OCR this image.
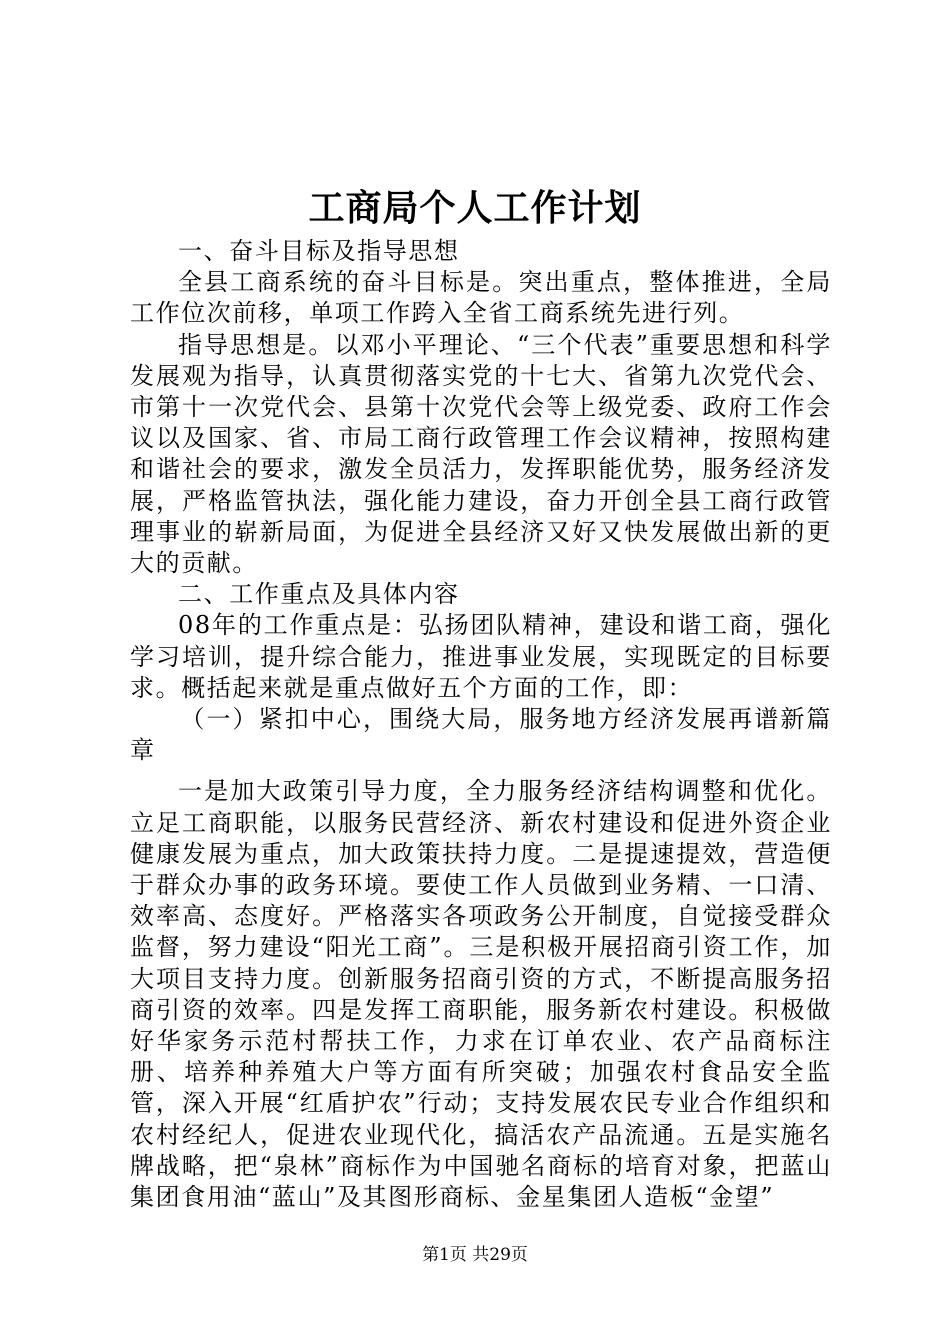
工商局个人工作计划

一、奋斗目标及指导思想

全县工商系统的奋斗目标是。突出重点，整体推进，全局工作位次前移，单项工作跨入全省工商系统先进行列。

指导思想是。以邓小平理论、“三个代表”重要思想和科学发展观为指导，认真贯彻落实党的十七大、省第九次党代会、市第十一次党代会、县第十次党代会等上级党委、政府工作会议以及国家、省、市局工商行政管理工作会议精神，按照构建和谐社会的要求，激发全员活力，发挥职能优势，服务经济发展，严格监管执法，强化能力建设，奋力开创全县工商行政管理事业的崭新局面，为促进全县经济又好又快发展做出新的更大的贡献。

二、工作重点及具体内容

08年的工作重点是：弘扬团队精神，建设和谐工商，强化学习培训，提升综合能力，推进事业发展，实现既定的目标要求。概括起来就是重点做好五个方面的工作，即：

（一）紧扣中心，围绕大局，服务地方经济发展再谱新篇章

一是加大政策引导力度，全力服务经济结构调整和优化。立足工商职能，以服务民营经济、新农村建设和促进外资企业健康发展为重点，加大政策扶持力度。二是提速提效，营造便于群众办事的政务环境。要使工作人员做到业务精、一口清、效率高、态度好。严格落实各项政务公开制度，自觉接受群众监督，努力建设“阳光工商”。三是积极开展招商引资工作，加大项目支持力度。创新服务招商引资的方式，不断提高服务招商引资的效率。四是发挥工商职能，服务新农村建设。积极做好华家务示范村帮扶工作，力求在订单农业、农产品商标注册、培养种养殖大户等方面有所突破；加强农村食品安全监管，深入开展“红盾护农”行动；支持发展农民专业合作组织和农村经纪人，促进农业现代化，搞活农产品流通。五是实施名牌战略，把“泉林”商标作为中国驰名商标的培育对象，把蓝山集团食用油“蓝山”及其图形商标、金星集团人造板“金望”

第1页 共29页
